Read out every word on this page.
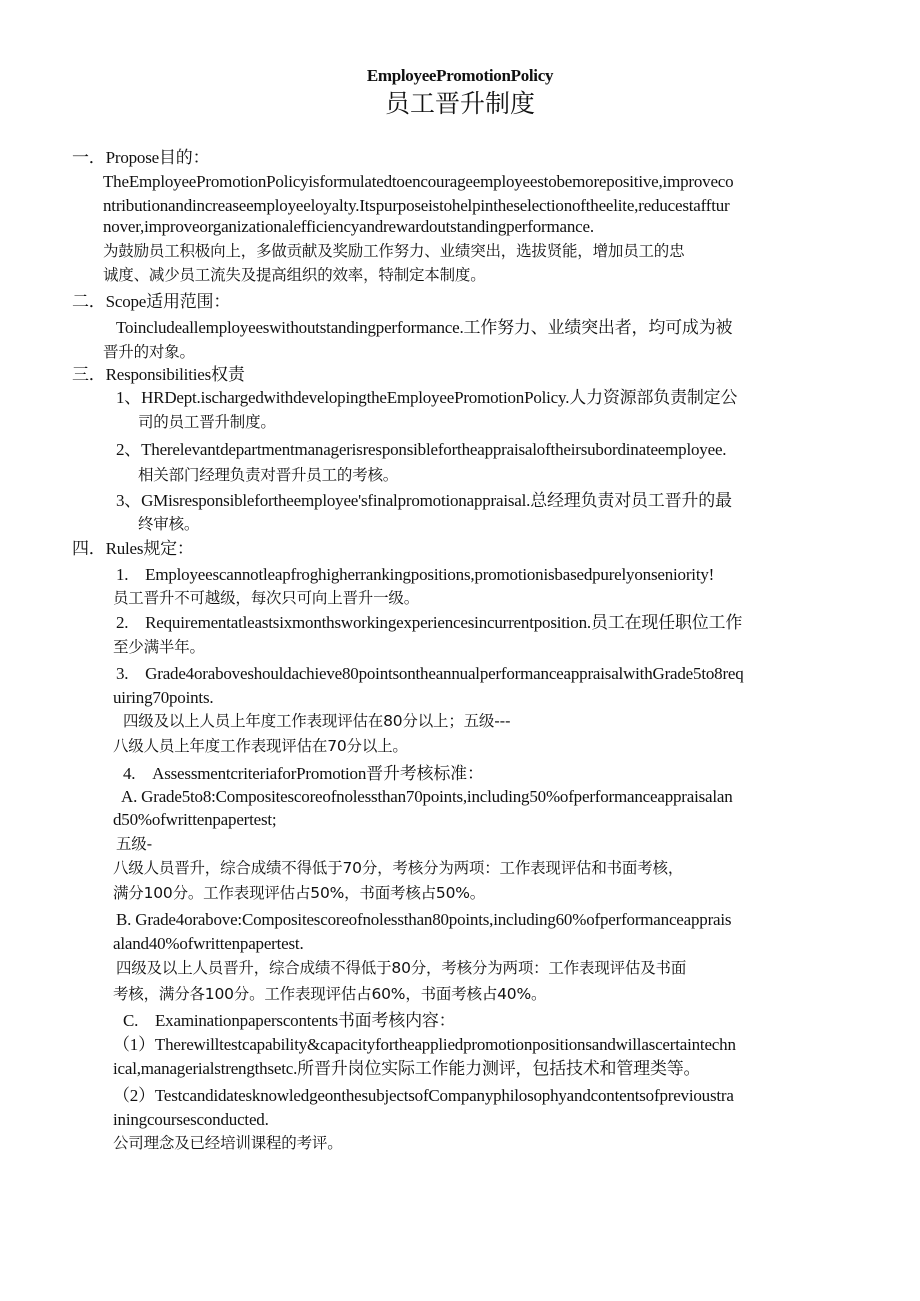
EmployeePromotionPolicy
员工晋升制度
一．Propose目的：
TheEmployeePromotionPolicyisformulatedtoencourageemployeestobemorepositive,improveco
ntributionandincreaseemployeeloyalty.Itspurposeistohelpintheselectionoftheelite,reducestafftur
nover,improveorganizationalefficiencyandrewardoutstandingperformance.
为鼓励员工积极向上，多做贡献及奖励工作努力、业绩突出，选拔贤能，增加员工的忠
诚度、减少员工流失及提高组织的效率，特制定本制度。
二．Scope适用范围：
Toincludeallemployeeswithoutstandingperformance.工作努力、业绩突出者，均可成为被
晋升的对象。
三．Responsibilities权责
1、HRDept.ischargedwithdevelopingtheEmployeePromotionPolicy.人力资源部负责制定公
司的员工晋升制度。
2、Therelevantdepartmentmanagerisresponsiblefortheappraisaloftheirsubordinateemployee.
相关部门经理负责对晋升员工的考核。
3、GMisresponsiblefortheemployee'sfinalpromotionappraisal.总经理负责对员工晋升的最
终审核。
四．Rules规定：
1.　Employeescannotleapfroghigherrankingpositions,promotionisbasedpurelyonseniority!
员工晋升不可越级，每次只可向上晋升一级。
2.　Requirementatleastsixmonthsworkingexperiencesincurrentposition.员工在现任职位工作
至少满半年。
3.　Grade4oraboveshouldachieve80pointsontheannualperformanceappraisalwithGrade5to8req
uiring70points.
四级及以上人员上年度工作表现评估在80分以上；五级---
八级人员上年度工作表现评估在70分以上。
4.　AssessmentcriteriaforPromotion晋升考核标准：
A. Grade5to8:Compositescoreofnolessthan70points,including50%ofperformanceappraisalan
d50%ofwrittenpapertest;
五级-
八级人员晋升，综合成绩不得低于70分，考核分为两项：工作表现评估和书面考核，
满分100分。工作表现评估占50%，书面考核占50%。
B. Grade4orabove:Compositescoreofnolessthan80points,including60%ofperformanceapprais
aland40%ofwrittenpapertest.
四级及以上人员晋升，综合成绩不得低于80分，考核分为两项：工作表现评估及书面
考核，满分各100分。工作表现评估占60%，书面考核占40%。
C.　Examinationpaperscontents书面考核内容：
（1）Therewilltestcapability&capacityfortheappliedpromotionpositionsandwillascertaintechn
ical,managerialstrengthsetc.所晋升岗位实际工作能力测评，包括技术和管理类等。
（2）TestcandidatesknowledgeonthesubjectsofCompanyphilosophyandcontentsofprevioustra
iningcoursesconducted.
公司理念及已经培训课程的考评。
